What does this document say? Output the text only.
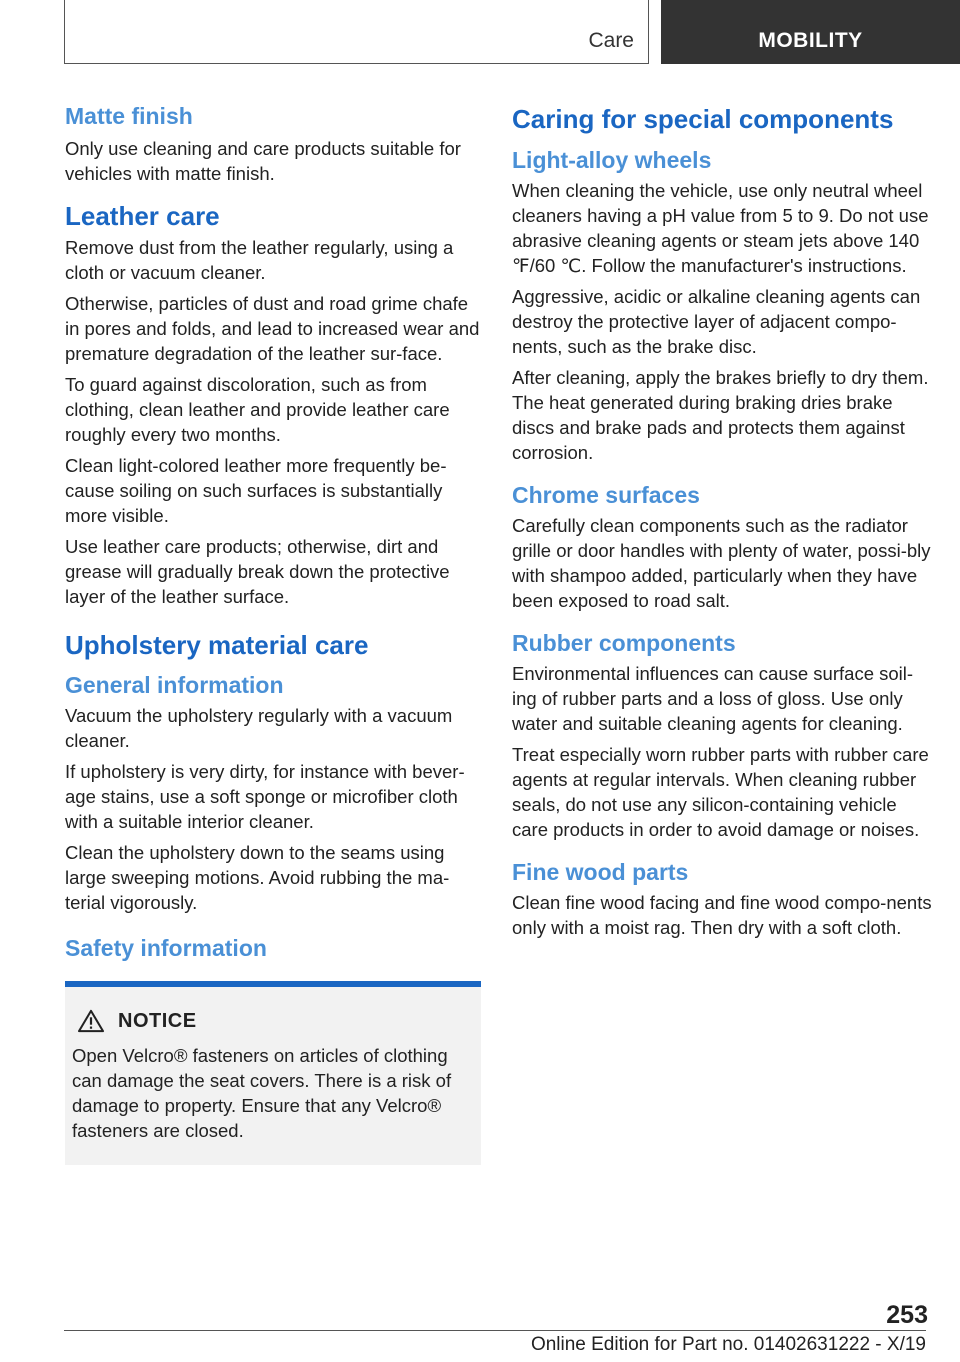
Care	MOBILITY
Matte finish

Only use cleaning and care products suitable for vehicles with matte finish.

Leather care

Remove dust from the leather regularly, using a cloth or vacuum cleaner.

Otherwise, particles of dust and road grime chafe in pores and folds, and lead to increased wear and premature degradation of the leather sur‐face.

To guard against discoloration, such as from clothing, clean leather and provide leather care roughly every two months.

Clean light-colored leather more frequently be‐cause soiling on such surfaces is substantially more visible.

Use leather care products; otherwise, dirt and grease will gradually break down the protective layer of the leather surface.

Upholstery material care
General information

Vacuum the upholstery regularly with a vacuum cleaner.

If upholstery is very dirty, for instance with bever‐age stains, use a soft sponge or microfiber cloth with a suitable interior cleaner.

Clean the upholstery down to the seams using large sweeping motions. Avoid rubbing the ma‐terial vigorously.

Safety information
NOTICE

Open Velcro® fasteners on articles of clothing can damage the seat covers. There is a risk of damage to property. Ensure that any Velcro® fasteners are closed.

Caring for special components
Light-alloy wheels

When cleaning the vehicle, use only neutral wheel cleaners having a pH value from 5 to 9. Do not use abrasive cleaning agents or steam jets above 140 ℉/60 ℃. Follow the manufacturer's instructions.

Aggressive, acidic or alkaline cleaning agents can destroy the protective layer of adjacent compo‐nents, such as the brake disc.

After cleaning, apply the brakes briefly to dry them. The heat generated during braking dries brake discs and brake pads and protects them against corrosion.

Chrome surfaces

Carefully clean components such as the radiator grille or door handles with plenty of water, possi‐bly with shampoo added, particularly when they have been exposed to road salt.

Rubber components

Environmental influences can cause surface soil‐ing of rubber parts and a loss of gloss. Use only water and suitable cleaning agents for cleaning.

Treat especially worn rubber parts with rubber care agents at regular intervals. When cleaning rubber seals, do not use any silicon-containing vehicle care products in order to avoid damage or noises.

Fine wood parts

Clean fine wood facing and fine wood compo‐nents only with a moist rag. Then dry with a soft cloth.

253
Online Edition for Part no. 01402631222 - X/19
